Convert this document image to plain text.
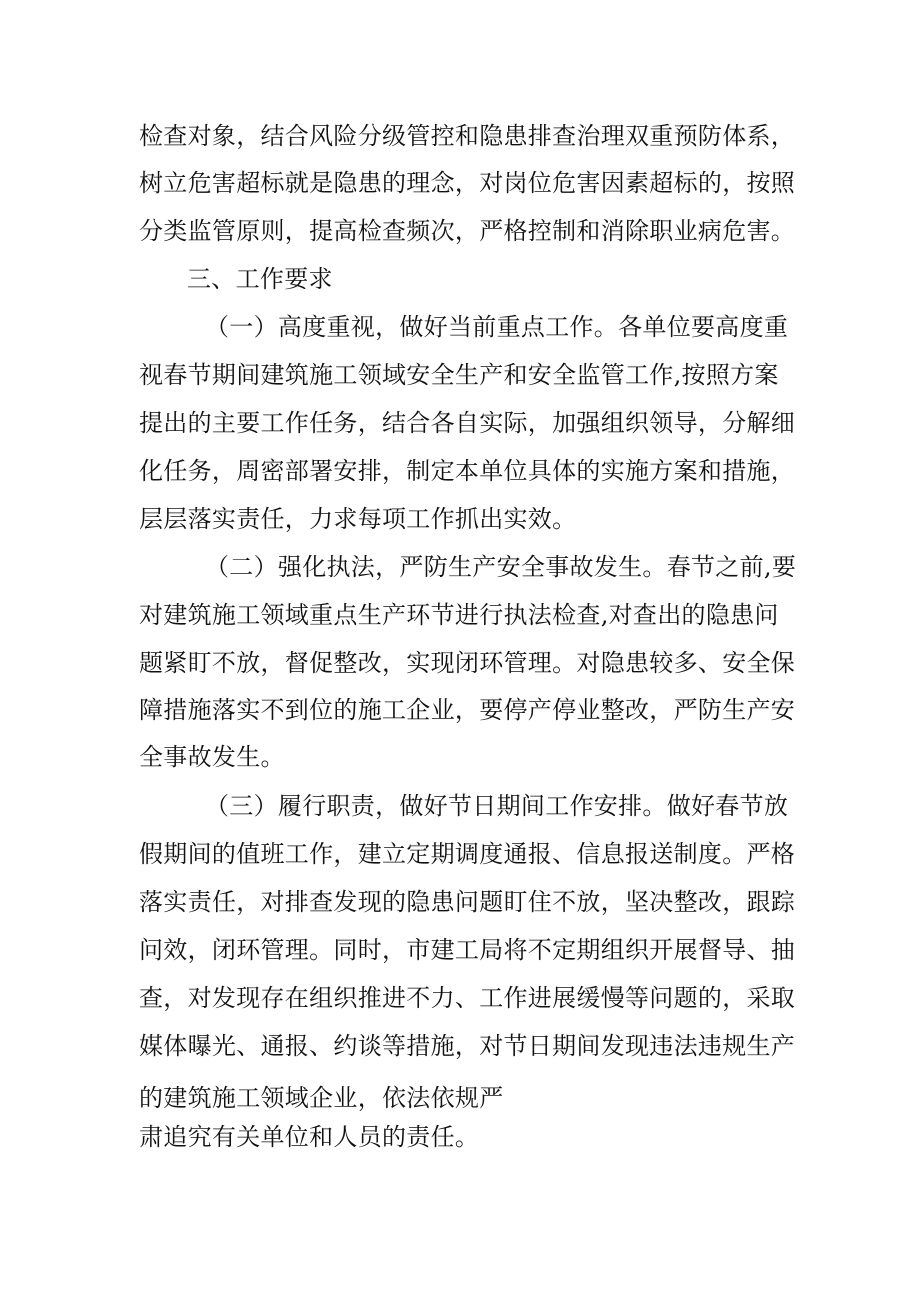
检查对象，结合风险分级管控和隐患排查治理双重预防体系，
树立危害超标就是隐患的理念，对岗位危害因素超标的，按照
分类监管原则，提高检查频次，严格控制和消除职业病危害。
三、工作要求
（一）高度重视，做好当前重点工作。各单位要高度重
视春节期间建筑施工领域安全生产和安全监管工作,按照方案
提出的主要工作任务，结合各自实际，加强组织领导，分解细
化任务，周密部署安排，制定本单位具体的实施方案和措施，
层层落实责任，力求每项工作抓出实效。
（二）强化执法，严防生产安全事故发生。春节之前,要
对建筑施工领域重点生产环节进行执法检查,对查出的隐患问
题紧盯不放，督促整改，实现闭环管理。对隐患较多、安全保
障措施落实不到位的施工企业，要停产停业整改，严防生产安
全事故发生。
（三）履行职责，做好节日期间工作安排。做好春节放
假期间的值班工作，建立定期调度通报、信息报送制度。严格
落实责任，对排查发现的隐患问题盯住不放，坚决整改，跟踪
问效，闭环管理。同时，市建工局将不定期组织开展督导、抽
查，对发现存在组织推进不力、工作进展缓慢等问题的，采取
媒体曝光、通报、约谈等措施，对节日期间发现违法违规生产
的建筑施工领域企业，依法依规严
肃追究有关单位和人员的责任。
